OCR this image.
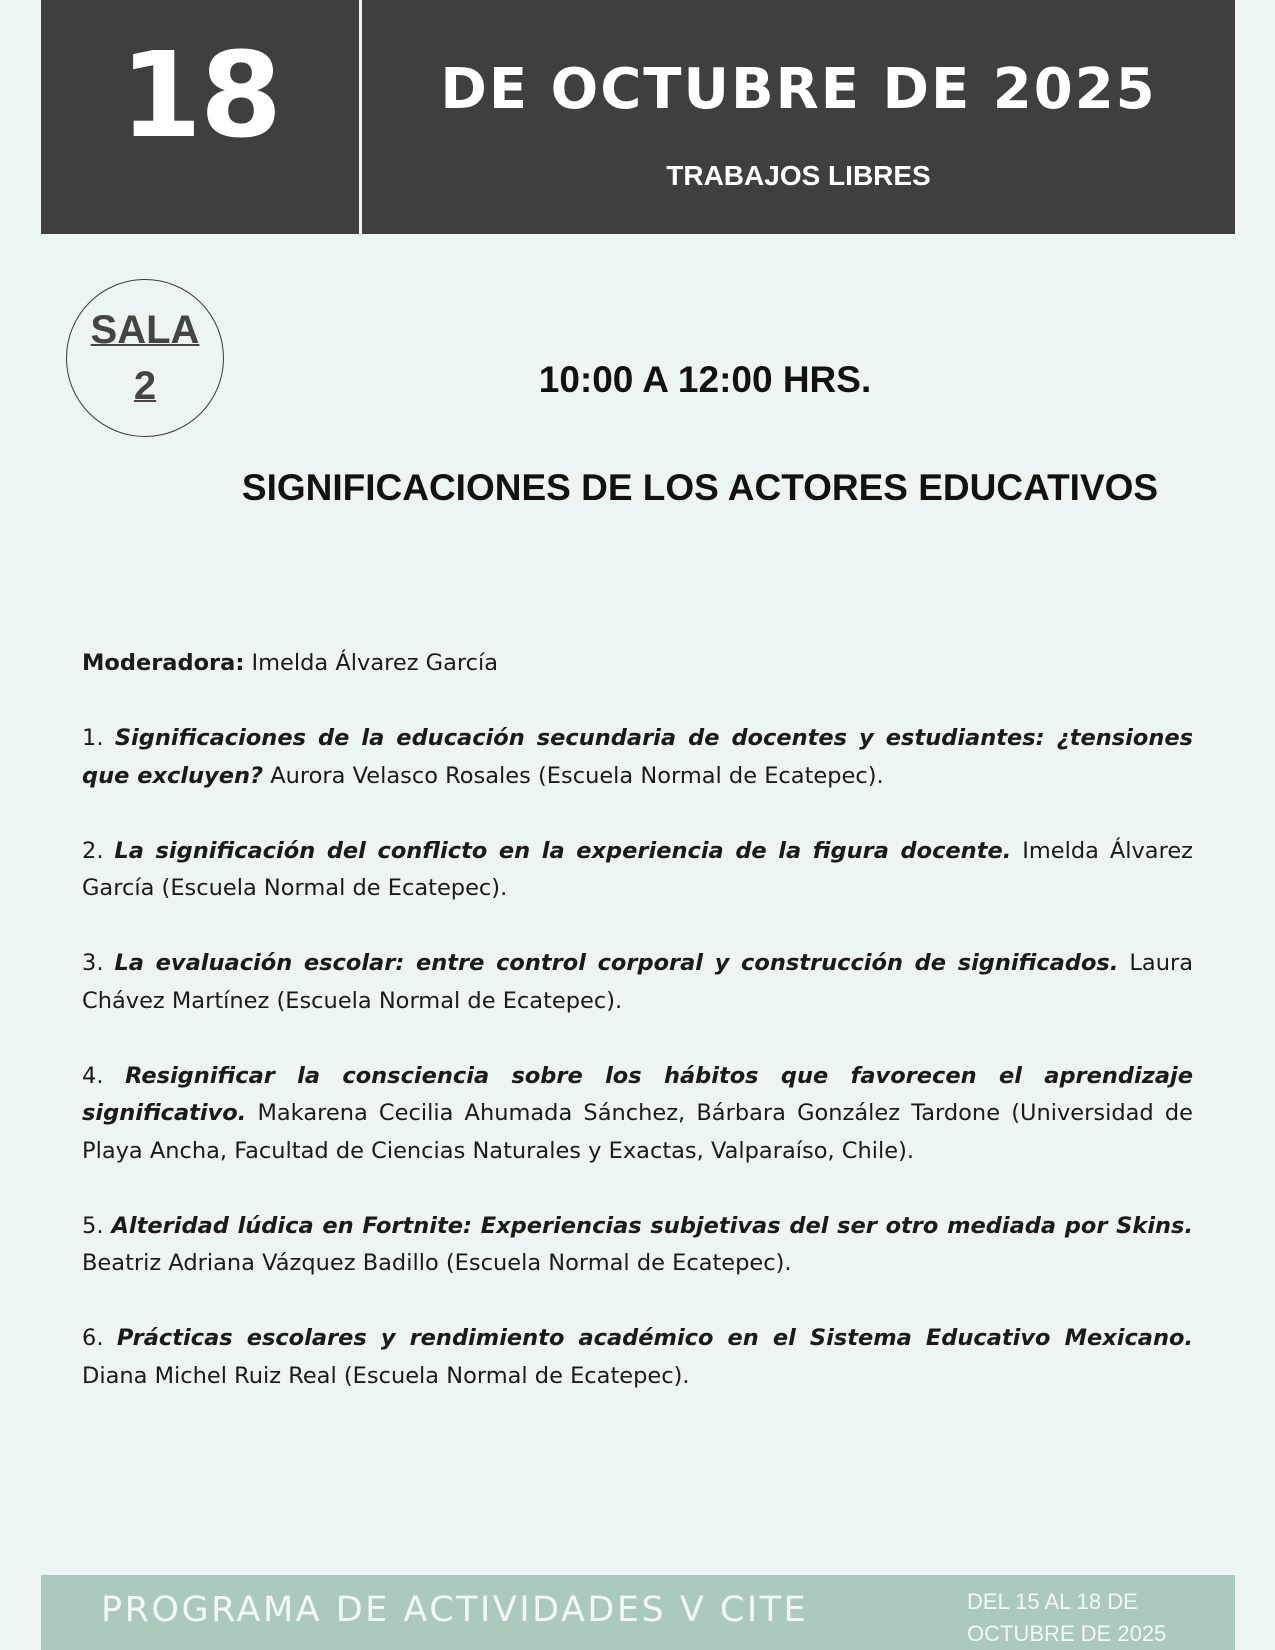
18	DE OCTUBRE DE 2025
TRABAJOS LIBRES
SALA
2	10:00 A 12:00 HRS.
SIGNIFICACIONES DE LOS ACTORES EDUCATIVOS

Moderadora: Imelda Álvarez García

1. Significaciones de la educación secundaria de docentes y estudiantes: ¿tensiones que excluyen? Aurora Velasco Rosales (Escuela Normal de Ecatepec).

2. La significación del conflicto en la experiencia de la figura docente. Imelda Álvarez García (Escuela Normal de Ecatepec).

3. La evaluación escolar: entre control corporal y construcción de significados. Laura Chávez Martínez (Escuela Normal de Ecatepec).

4. Resignificar la consciencia sobre los hábitos que favorecen el aprendizaje significativo. Makarena Cecilia Ahumada Sánchez, Bárbara González Tardone (Universidad de Playa Ancha, Facultad de Ciencias Naturales y Exactas, Valparaíso, Chile).

5. Alteridad lúdica en Fortnite: Experiencias subjetivas del ser otro mediada por Skins. Beatriz Adriana Vázquez Badillo (Escuela Normal de Ecatepec).

6. Prácticas escolares y rendimiento académico en el Sistema Educativo Mexicano. Diana Michel Ruiz Real (Escuela Normal de Ecatepec).

PROGRAMA DE ACTIVIDADES V CITE	DEL 15 AL 18 DE
OCTUBRE DE 2025
